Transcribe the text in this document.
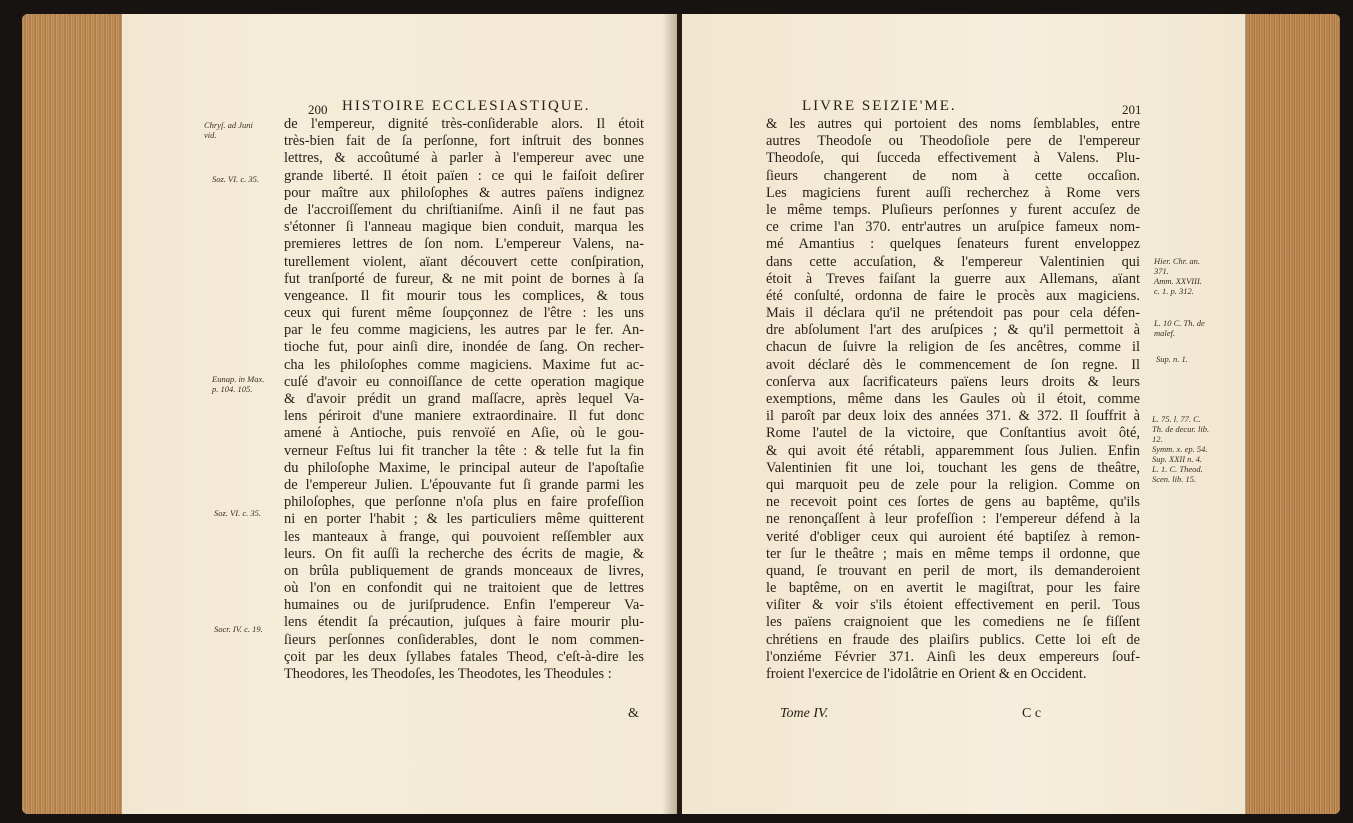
200 HISTOIRE ECCLESIASTIQUE.
de l'empereur, dignité très-conſiderable alors. Il étoit
très-bien fait de ſa perſonne, fort inſtruit des bonnes
lettres, & accoûtumé à parler à l'empereur avec une
grande liberté. Il étoit païen : ce qui le faiſoit deſirer
pour maître aux philoſophes & autres païens indignez
de l'accroiſſement du chriſtianiſme. Ainſi il ne faut pas
s'étonner ſi l'anneau magique bien conduit, marqua les
premieres lettres de ſon nom. L'empereur Valens, na-
turellement violent, aïant découvert cette conſpiration,
fut tranſporté de fureur, & ne mit point de bornes à ſa
vengeance. Il fit mourir tous les complices, & tous
ceux qui furent même ſoupçonnez de l'être : les uns
par le feu comme magiciens, les autres par le fer. An-
tioche fut, pour ainſi dire, inondée de ſang. On recher-
cha les philoſophes comme magiciens. Maxime fut ac-
cuſé d'avoir eu connoiſſance de cette operation magique
& d'avoir prédit un grand maſſacre, après lequel Va-
lens périroit d'une maniere extraordinaire. Il fut donc
amené à Antioche, puis renvoïé en Aſie, où le gou-
verneur Feſtus lui fit trancher la tête : & telle fut la fin
du philoſophe Maxime, le principal auteur de l'apoſtaſie
de l'empereur Julien. L'épouvante fut ſi grande parmi les
philoſophes, que perſonne n'oſa plus en faire profeſſion
ni en porter l'habit ; & les particuliers même quitterent
les manteaux à frange, qui pouvoient reſſembler aux
leurs. On fit auſſi la recherche des écrits de magie, &
on brûla publiquement de grands monceaux de livres,
où l'on en confondit qui ne traitoient que de lettres
humaines ou de juriſprudence. Enfin l'empereur Va-
lens étendit ſa précaution, juſques à faire mourir plu-
ſieurs perſonnes conſiderables, dont le nom commen-
çoit par les deux ſyllabes fatales Theod, c'eſt-à-dire les
Theodores, les Theodoſes, les Theodotes, les Theodules :
Chryſ. ad Juni
vid.
Soz. VI. c. 35.
Eunap. in Max.
p. 104. 105.
Soz. VI. c. 35.
Socr. IV. c. 19.
&
LIVRE SEIZIE'ME.	201
& les autres qui portoient des noms ſemblables, entre
autres Theodoſe ou Theodoſiole pere de l'empereur
Theodoſe, qui ſucceda effectivement à Valens. Plu-
ſieurs changerent de nom à cette occaſion.
Les magiciens furent auſſi recherchez à Rome vers
le même temps. Pluſieurs perſonnes y furent accuſez de
ce crime l'an 370. entr'autres un aruſpice fameux nom-
mé Amantius : quelques ſenateurs furent enveloppez
dans cette accuſation, & l'empereur Valentinien qui
étoit à Treves faiſant la guerre aux Allemans, aïant
été conſulté, ordonna de faire le procès aux magiciens.
Mais il déclara qu'il ne prétendoit pas pour cela défen-
dre abſolument l'art des aruſpices ; & qu'il permettoit à
chacun de ſuivre la religion de ſes ancêtres, comme il
avoit déclaré dès le commencement de ſon regne. Il
conſerva aux ſacrificateurs païens leurs droits & leurs
exemptions, même dans les Gaules où il étoit, comme
il paroît par deux loix des années 371. & 372. Il ſouffrit à
Rome l'autel de la victoire, que Conſtantius avoit ôté,
& qui avoit été rétabli, apparemment ſous Julien. Enfin
Valentinien fit une loi, touchant les gens de theâtre,
qui marquoit peu de zele pour la religion. Comme on
ne recevoit point ces ſortes de gens au baptême, qu'ils
ne renonçaſſent à leur profeſſion : l'empereur défend à la
verité d'obliger ceux qui auroient été baptiſez à remon-
ter ſur le theâtre ; mais en même temps il ordonne, que
quand, ſe trouvant en peril de mort, ils demanderoient
le baptême, on en avertit le magiſtrat, pour les faire
viſiter & voir s'ils étoient effectivement en peril. Tous
les païens craignoient que les comediens ne ſe fiſſent
chrétiens en fraude des plaiſirs publics. Cette loi eſt de
l'onziéme Février 371. Ainſi les deux empereurs ſouf-
froient l'exercice de l'idolâtrie en Orient & en Occident.
Hier. Chr. an.
371.
Amm. XXVIII.
c. 1. p. 312.
L. 10 C. Th. de
malef.
Sup. n. 1.
L. 75. l. 77. C.
Th. de decur. lib.
12.
Symm. x. ep. 54.
Sup. XXII n. 4.
L. 1. C. Theod.
Scen. lib. 15.
Tome IV.	C c
